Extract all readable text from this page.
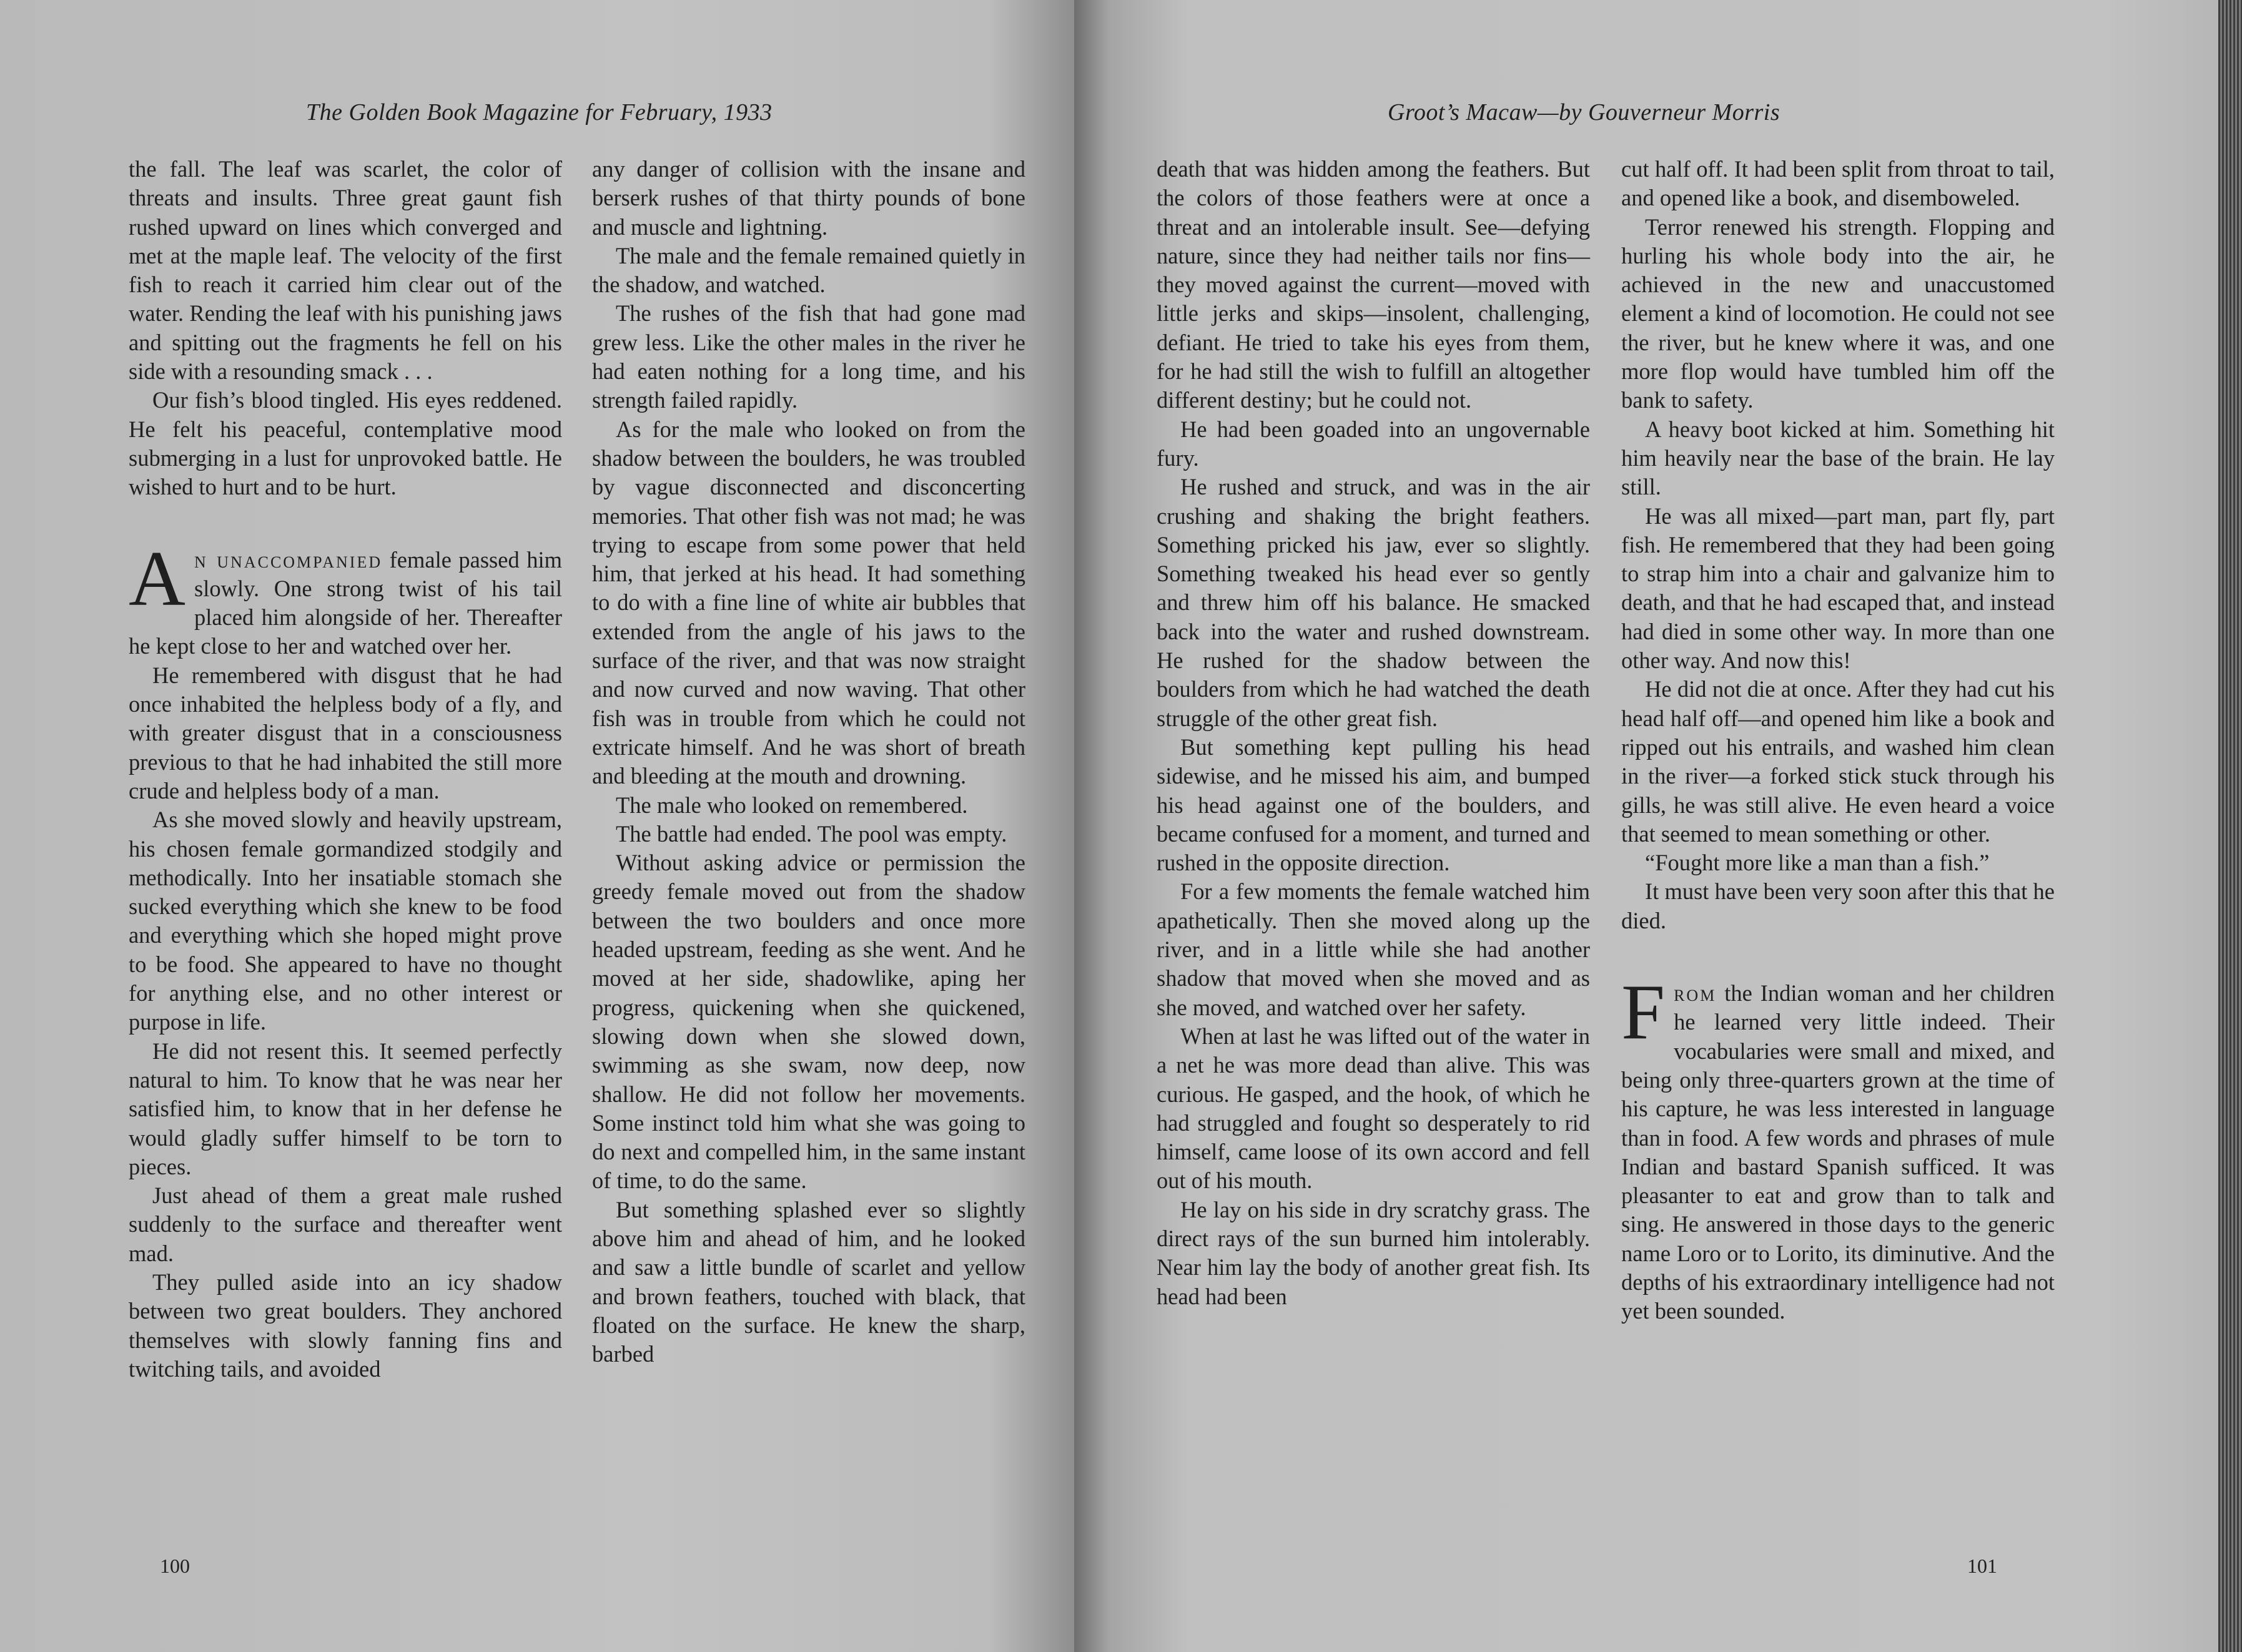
The Golden Book Magazine for February, 1933

the fall. The leaf was scarlet, the color of threats and insults. Three great gaunt fish rushed upward on lines which converged and met at the maple leaf. The velocity of the first fish to reach it carried him clear out of the water. Rending the leaf with his punishing jaws and spitting out the fragments he fell on his side with a resounding smack . . .

Our fish’s blood tingled. His eyes reddened. He felt his peaceful, contemplative mood submerging in a lust for unprovoked battle. He wished to hurt and to be hurt.

An unaccompanied female passed him slowly. One strong twist of his tail placed him alongside of her. Thereafter he kept close to her and watched over her.

He remembered with disgust that he had once inhabited the helpless body of a fly, and with greater disgust that in a consciousness previous to that he had inhabited the still more crude and helpless body of a man.

As she moved slowly and heavily upstream, his chosen female gormandized stodgily and methodically. Into her insatiable stomach she sucked everything which she knew to be food and everything which she hoped might prove to be food. She appeared to have no thought for anything else, and no other interest or purpose in life.

He did not resent this. It seemed perfectly natural to him. To know that he was near her satisfied him, to know that in her defense he would gladly suffer himself to be torn to pieces.

Just ahead of them a great male rushed suddenly to the surface and thereafter went mad.

They pulled aside into an icy shadow between two great boulders. They anchored themselves with slowly fanning fins and twitching tails, and avoided

any danger of collision with the insane and berserk rushes of that thirty pounds of bone and muscle and lightning.

The male and the female remained quietly in the shadow, and watched.

The rushes of the fish that had gone mad grew less. Like the other males in the river he had eaten nothing for a long time, and his strength failed rapidly.

As for the male who looked on from the shadow between the boulders, he was troubled by vague disconnected and disconcerting memories. That other fish was not mad; he was trying to escape from some power that held him, that jerked at his head. It had something to do with a fine line of white air bubbles that extended from the angle of his jaws to the surface of the river, and that was now straight and now curved and now waving. That other fish was in trouble from which he could not extricate himself. And he was short of breath and bleeding at the mouth and drowning.

The male who looked on remembered.

The battle had ended. The pool was empty.

Without asking advice or permission the greedy female moved out from the shadow between the two boulders and once more headed upstream, feeding as she went. And he moved at her side, shadowlike, aping her progress, quickening when she quickened, slowing down when she slowed down, swimming as she swam, now deep, now shallow. He did not follow her movements. Some instinct told him what she was going to do next and compelled him, in the same instant of time, to do the same.

But something splashed ever so slightly above him and ahead of him, and he looked and saw a little bundle of scarlet and yellow and brown feathers, touched with black, that floated on the surface. He knew the sharp, barbed

100
Groot’s Macaw—by Gouverneur Morris

death that was hidden among the feathers. But the colors of those feathers were at once a threat and an intolerable insult. See—defying nature, since they had neither tails nor fins—they moved against the current—moved with little jerks and skips—insolent, challenging, defiant. He tried to take his eyes from them, for he had still the wish to fulfill an altogether different destiny; but he could not.

He had been goaded into an ungovernable fury.

He rushed and struck, and was in the air crushing and shaking the bright feathers. Something pricked his jaw, ever so slightly. Something tweaked his head ever so gently and threw him off his balance. He smacked back into the water and rushed downstream. He rushed for the shadow between the boulders from which he had watched the death struggle of the other great fish.

But something kept pulling his head sidewise, and he missed his aim, and bumped his head against one of the boulders, and became confused for a moment, and turned and rushed in the opposite direction.

For a few moments the female watched him apathetically. Then she moved along up the river, and in a little while she had another shadow that moved when she moved and as she moved, and watched over her safety.

When at last he was lifted out of the water in a net he was more dead than alive. This was curious. He gasped, and the hook, of which he had struggled and fought so desperately to rid himself, came loose of its own accord and fell out of his mouth.

He lay on his side in dry scratchy grass. The direct rays of the sun burned him intolerably. Near him lay the body of another great fish. Its head had been

cut half off. It had been split from throat to tail, and opened like a book, and disemboweled.

Terror renewed his strength. Flopping and hurling his whole body into the air, he achieved in the new and unaccustomed element a kind of locomotion. He could not see the river, but he knew where it was, and one more flop would have tumbled him off the bank to safety.

A heavy boot kicked at him. Something hit him heavily near the base of the brain. He lay still.

He was all mixed—part man, part fly, part fish. He remembered that they had been going to strap him into a chair and galvanize him to death, and that he had escaped that, and instead had died in some other way. In more than one other way. And now this!

He did not die at once. After they had cut his head half off—and opened him like a book and ripped out his entrails, and washed him clean in the river—a forked stick stuck through his gills, he was still alive. He even heard a voice that seemed to mean something or other.

“Fought more like a man than a fish.”

It must have been very soon after this that he died.

From the Indian woman and her children he learned very little indeed. Their vocabularies were small and mixed, and being only three-quarters grown at the time of his capture, he was less interested in language than in food. A few words and phrases of mule Indian and bastard Spanish sufficed. It was pleasanter to eat and grow than to talk and sing. He answered in those days to the generic name Loro or to Lorito, its diminutive. And the depths of his extraordinary intelligence had not yet been sounded.

101
